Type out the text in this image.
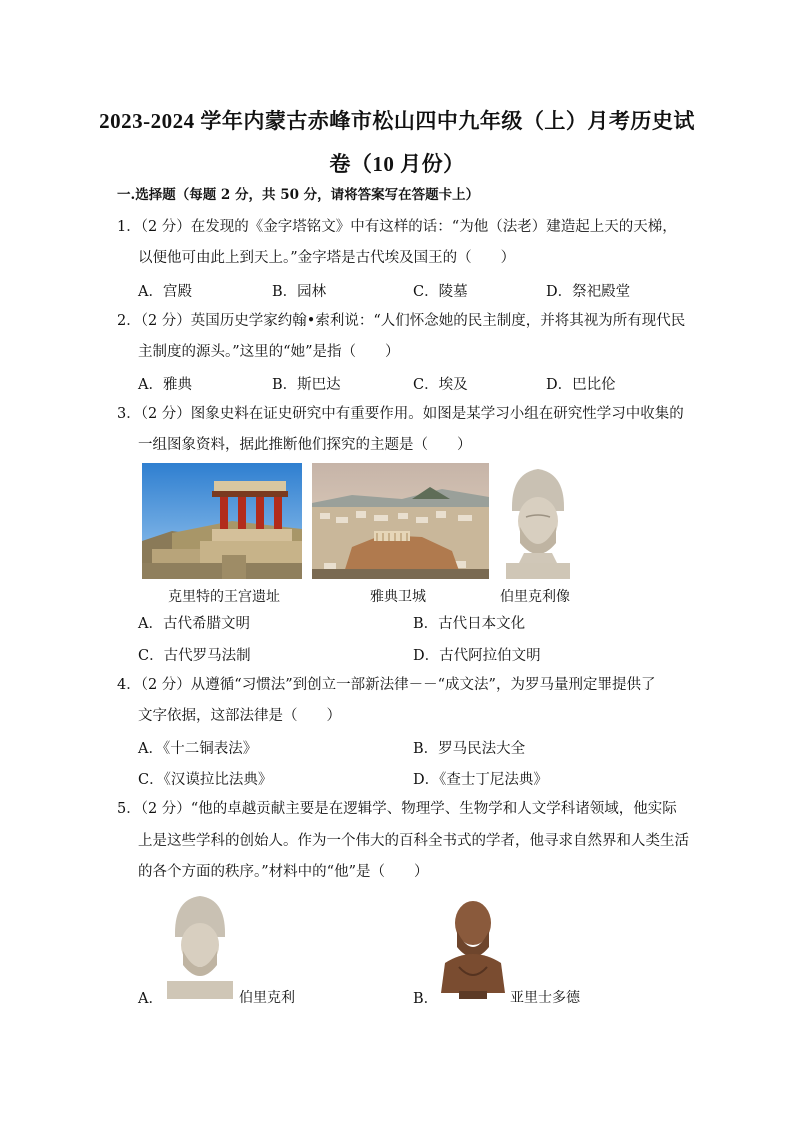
2023-2024 学年内蒙古赤峰市松山四中九年级（上）月考历史试
卷（10 月份）
一.选择题（每题 2 分，共 50 分，请将答案写在答题卡上）
1．（2 分）在发现的《金字塔铭文》中有这样的话：“为他（法老）建造起上天的天梯，
以便他可由此上到天上。”金字塔是古代埃及国王的（　　）
A．宫殿	B．园林	C．陵墓	D．祭祀殿堂
2．（2 分）英国历史学家约翰•索利说：“人们怀念她的民主制度，并将其视为所有现代民
主制度的源头。”这里的“她”是指（　　）
A．雅典	B．斯巴达	C．埃及	D．巴比伦
3．（2 分）图象史料在证史研究中有重要作用。如图是某学习小组在研究性学习中收集的
一组图象资料，据此推断他们探究的主题是（　　）
克里特的王宫遗址	雅典卫城	伯里克利像
A．古代希腊文明	B．古代日本文化
C．古代罗马法制	D．古代阿拉伯文明
4．（2 分）从遵循“习惯法”到创立一部新法律－－“成文法”，为罗马量刑定罪提供了
文字依据，这部法律是（　　）
A．《十二铜表法》	B．罗马民法大全
C．《汉谟拉比法典》	D．《查士丁尼法典》
5．（2 分）“他的卓越贡献主要是在逻辑学、物理学、生物学和人文学科诸领域，他实际
上是这些学科的创始人。作为一个伟大的百科全书式的学者，他寻求自然界和人类生活
的各个方面的秩序。”材料中的“他”是（　　）
A．	伯里克利	B．	亚里士多德
